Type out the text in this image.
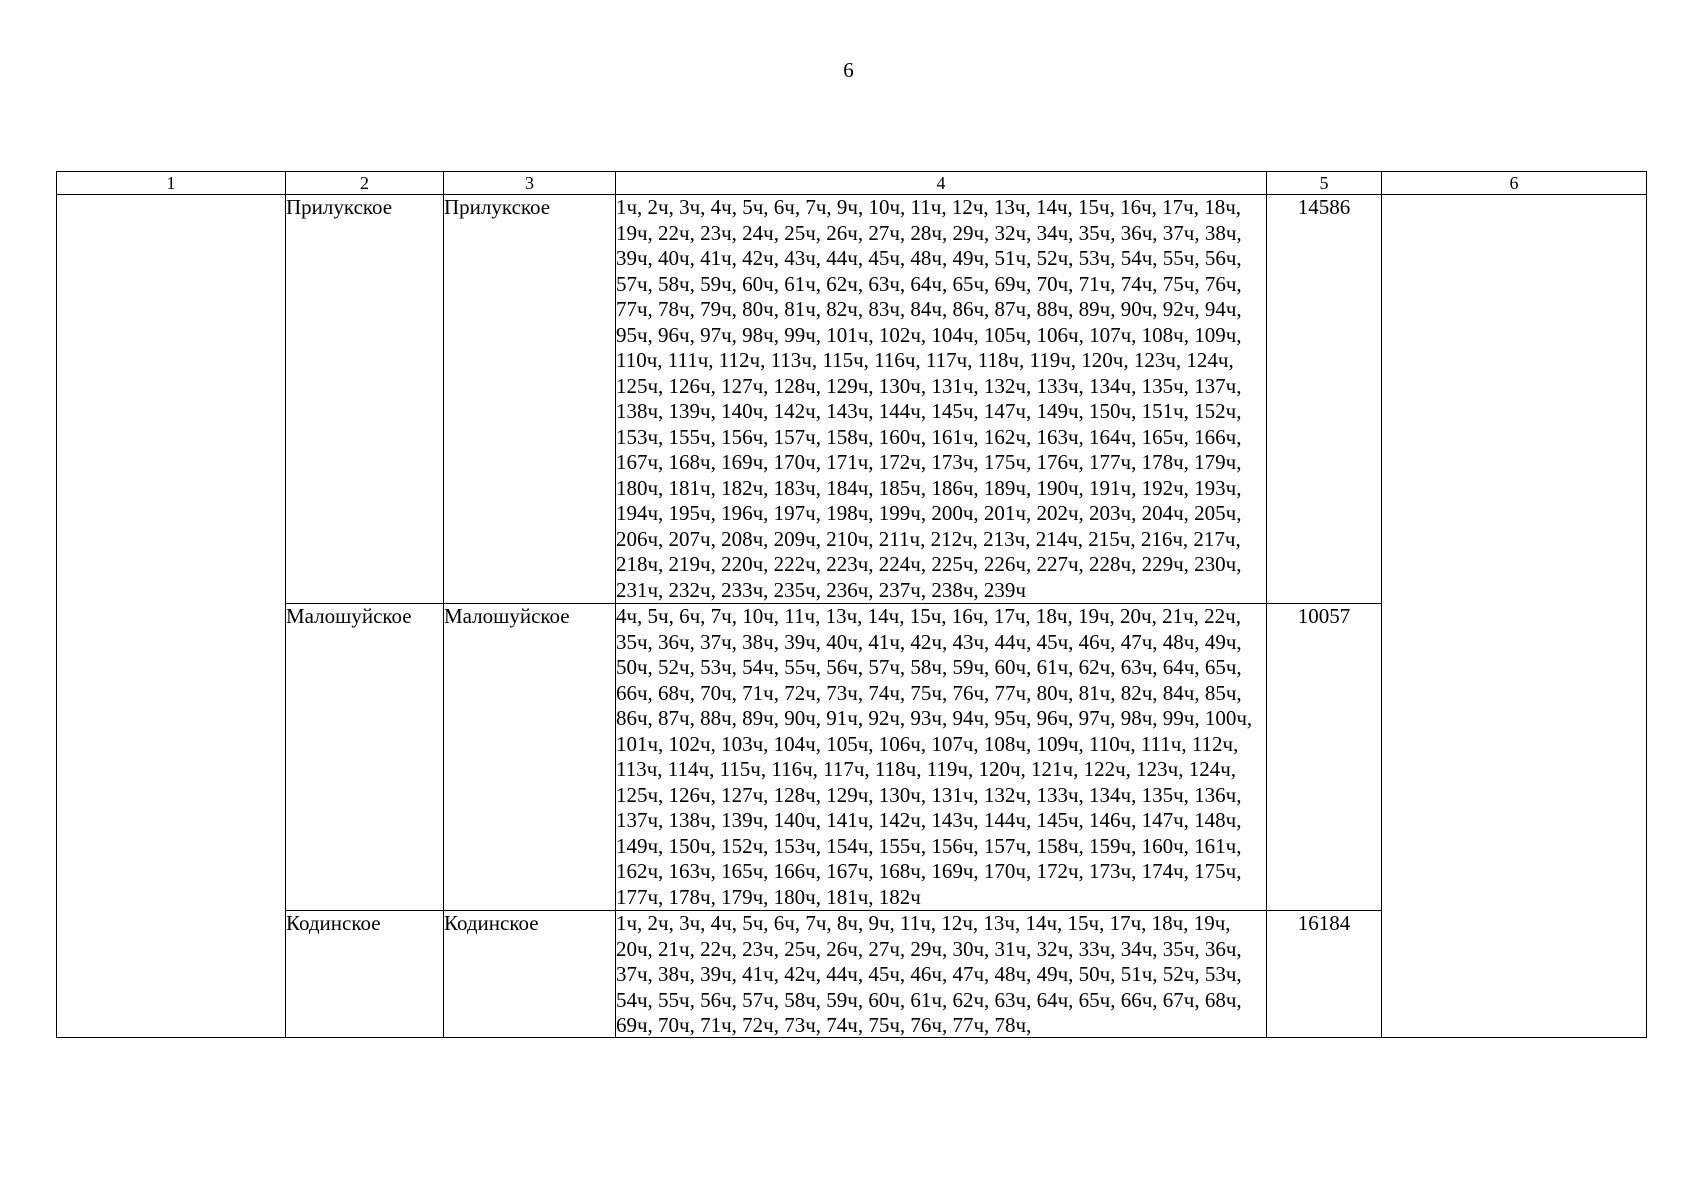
6
1	2	3	4	5	6
	Прилукское	Прилукское	1ч, 2ч, 3ч, 4ч, 5ч, 6ч, 7ч, 9ч, 10ч, 11ч, 12ч, 13ч, 14ч, 15ч, 16ч, 17ч, 18ч, 19ч, 22ч, 23ч, 24ч, 25ч, 26ч, 27ч, 28ч, 29ч, 32ч, 34ч, 35ч, 36ч, 37ч, 38ч, 39ч, 40ч, 41ч, 42ч, 43ч, 44ч, 45ч, 48ч, 49ч, 51ч, 52ч, 53ч, 54ч, 55ч, 56ч, 57ч, 58ч, 59ч, 60ч, 61ч, 62ч, 63ч, 64ч, 65ч, 69ч, 70ч, 71ч, 74ч, 75ч, 76ч, 77ч, 78ч, 79ч, 80ч, 81ч, 82ч, 83ч, 84ч, 86ч, 87ч, 88ч, 89ч, 90ч, 92ч, 94ч, 95ч, 96ч, 97ч, 98ч, 99ч, 101ч, 102ч, 104ч, 105ч, 106ч, 107ч, 108ч, 109ч, 110ч, 111ч, 112ч, 113ч, 115ч, 116ч, 117ч, 118ч, 119ч, 120ч, 123ч, 124ч, 125ч, 126ч, 127ч, 128ч, 129ч, 130ч, 131ч, 132ч, 133ч, 134ч, 135ч, 137ч, 138ч, 139ч, 140ч, 142ч, 143ч, 144ч, 145ч, 147ч, 149ч, 150ч, 151ч, 152ч, 153ч, 155ч, 156ч, 157ч, 158ч, 160ч, 161ч, 162ч, 163ч, 164ч, 165ч, 166ч, 167ч, 168ч, 169ч, 170ч, 171ч, 172ч, 173ч, 175ч, 176ч, 177ч, 178ч, 179ч, 180ч, 181ч, 182ч, 183ч, 184ч, 185ч, 186ч, 189ч, 190ч, 191ч, 192ч, 193ч, 194ч, 195ч, 196ч, 197ч, 198ч, 199ч, 200ч, 201ч, 202ч, 203ч, 204ч, 205ч, 206ч, 207ч, 208ч, 209ч, 210ч, 211ч, 212ч, 213ч, 214ч, 215ч, 216ч, 217ч, 218ч, 219ч, 220ч, 222ч, 223ч, 224ч, 225ч, 226ч, 227ч, 228ч, 229ч, 230ч, 231ч, 232ч, 233ч, 235ч, 236ч, 237ч, 238ч, 239ч	14586	
	Малошуйское	Малошуйское	4ч, 5ч, 6ч, 7ч, 10ч, 11ч, 13ч, 14ч, 15ч, 16ч, 17ч, 18ч, 19ч, 20ч, 21ч, 22ч, 35ч, 36ч, 37ч, 38ч, 39ч, 40ч, 41ч, 42ч, 43ч, 44ч, 45ч, 46ч, 47ч, 48ч, 49ч, 50ч, 52ч, 53ч, 54ч, 55ч, 56ч, 57ч, 58ч, 59ч, 60ч, 61ч, 62ч, 63ч, 64ч, 65ч, 66ч, 68ч, 70ч, 71ч, 72ч, 73ч, 74ч, 75ч, 76ч, 77ч, 80ч, 81ч, 82ч, 84ч, 85ч, 86ч, 87ч, 88ч, 89ч, 90ч, 91ч, 92ч, 93ч, 94ч, 95ч, 96ч, 97ч, 98ч, 99ч, 100ч, 101ч, 102ч, 103ч, 104ч, 105ч, 106ч, 107ч, 108ч, 109ч, 110ч, 111ч, 112ч, 113ч, 114ч, 115ч, 116ч, 117ч, 118ч, 119ч, 120ч, 121ч, 122ч, 123ч, 124ч, 125ч, 126ч, 127ч, 128ч, 129ч, 130ч, 131ч, 132ч, 133ч, 134ч, 135ч, 136ч, 137ч, 138ч, 139ч, 140ч, 141ч, 142ч, 143ч, 144ч, 145ч, 146ч, 147ч, 148ч, 149ч, 150ч, 152ч, 153ч, 154ч, 155ч, 156ч, 157ч, 158ч, 159ч, 160ч, 161ч, 162ч, 163ч, 165ч, 166ч, 167ч, 168ч, 169ч, 170ч, 172ч, 173ч, 174ч, 175ч, 177ч, 178ч, 179ч, 180ч, 181ч, 182ч	10057	

	Кодинское	Кодинское	1ч, 2ч, 3ч, 4ч, 5ч, 6ч, 7ч, 8ч, 9ч, 11ч, 12ч, 13ч, 14ч, 15ч, 17ч, 18ч, 19ч, 20ч, 21ч, 22ч, 23ч, 25ч, 26ч, 27ч, 29ч, 30ч, 31ч, 32ч, 33ч, 34ч, 35ч, 36ч, 37ч, 38ч, 39ч, 41ч, 42ч, 44ч, 45ч, 46ч, 47ч, 48ч, 49ч, 50ч, 51ч, 52ч, 53ч, 54ч, 55ч, 56ч, 57ч, 58ч, 59ч, 60ч, 61ч, 62ч, 63ч, 64ч, 65ч, 66ч, 67ч, 68ч, 69ч, 70ч, 71ч, 72ч, 73ч, 74ч, 75ч, 76ч, 77ч, 78ч,	16184	
